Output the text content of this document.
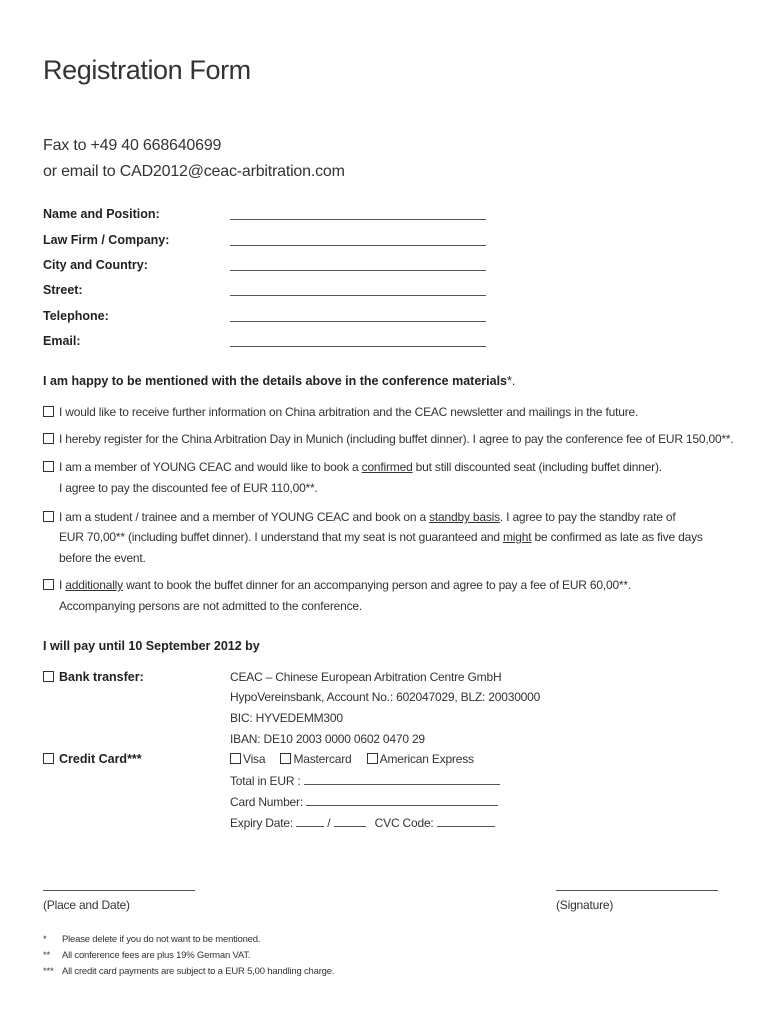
Registration Form
Fax to +49 40 668640699
or email to CAD2012@ceac-arbitration.com
Name and Position:
Law Firm / Company:
City and Country:
Street:
Telephone:
Email:
I am happy to be mentioned with the details above in the conference materials*.
I would like to receive further information on China arbitration and the CEAC newsletter and mailings in the future.
I hereby register for the China Arbitration Day in Munich (including buffet dinner). I agree to pay the conference fee of EUR 150,00**.
I am a member of YOUNG CEAC and would like to book a confirmed but still discounted seat (including buffet dinner).
I agree to pay the discounted fee of EUR 110,00**.
I am a student / trainee and a member of YOUNG CEAC and book on a standby basis. I agree to pay the standby rate of
EUR 70,00** (including buffet dinner). I understand that my seat is not guaranteed and might be confirmed as late as five days
before the event.
I additionally want to book the buffet dinner for an accompanying person and agree to pay a fee of EUR 60,00**.
Accompanying persons are not admitted to the conference.
I will pay until 10 September 2012 by
Bank transfer:	CEAC – Chinese European Arbitration Centre GmbH
HypoVereinsbank, Account No.: 602047029, BLZ: 20030000
BIC: HYVEDEMM300
IBAN: DE10 2003 0000 0602 0470 29
Credit Card***	Visa Mastercard American Express
Total in EUR :
Card Number:
Expiry Date:	/	CVC Code:
(Place and Date)	(Signature)
* Please delete if you do not want to be mentioned.
** All conference fees are plus 19% German VAT.
*** All credit card payments are subject to a EUR 5,00 handling charge.
